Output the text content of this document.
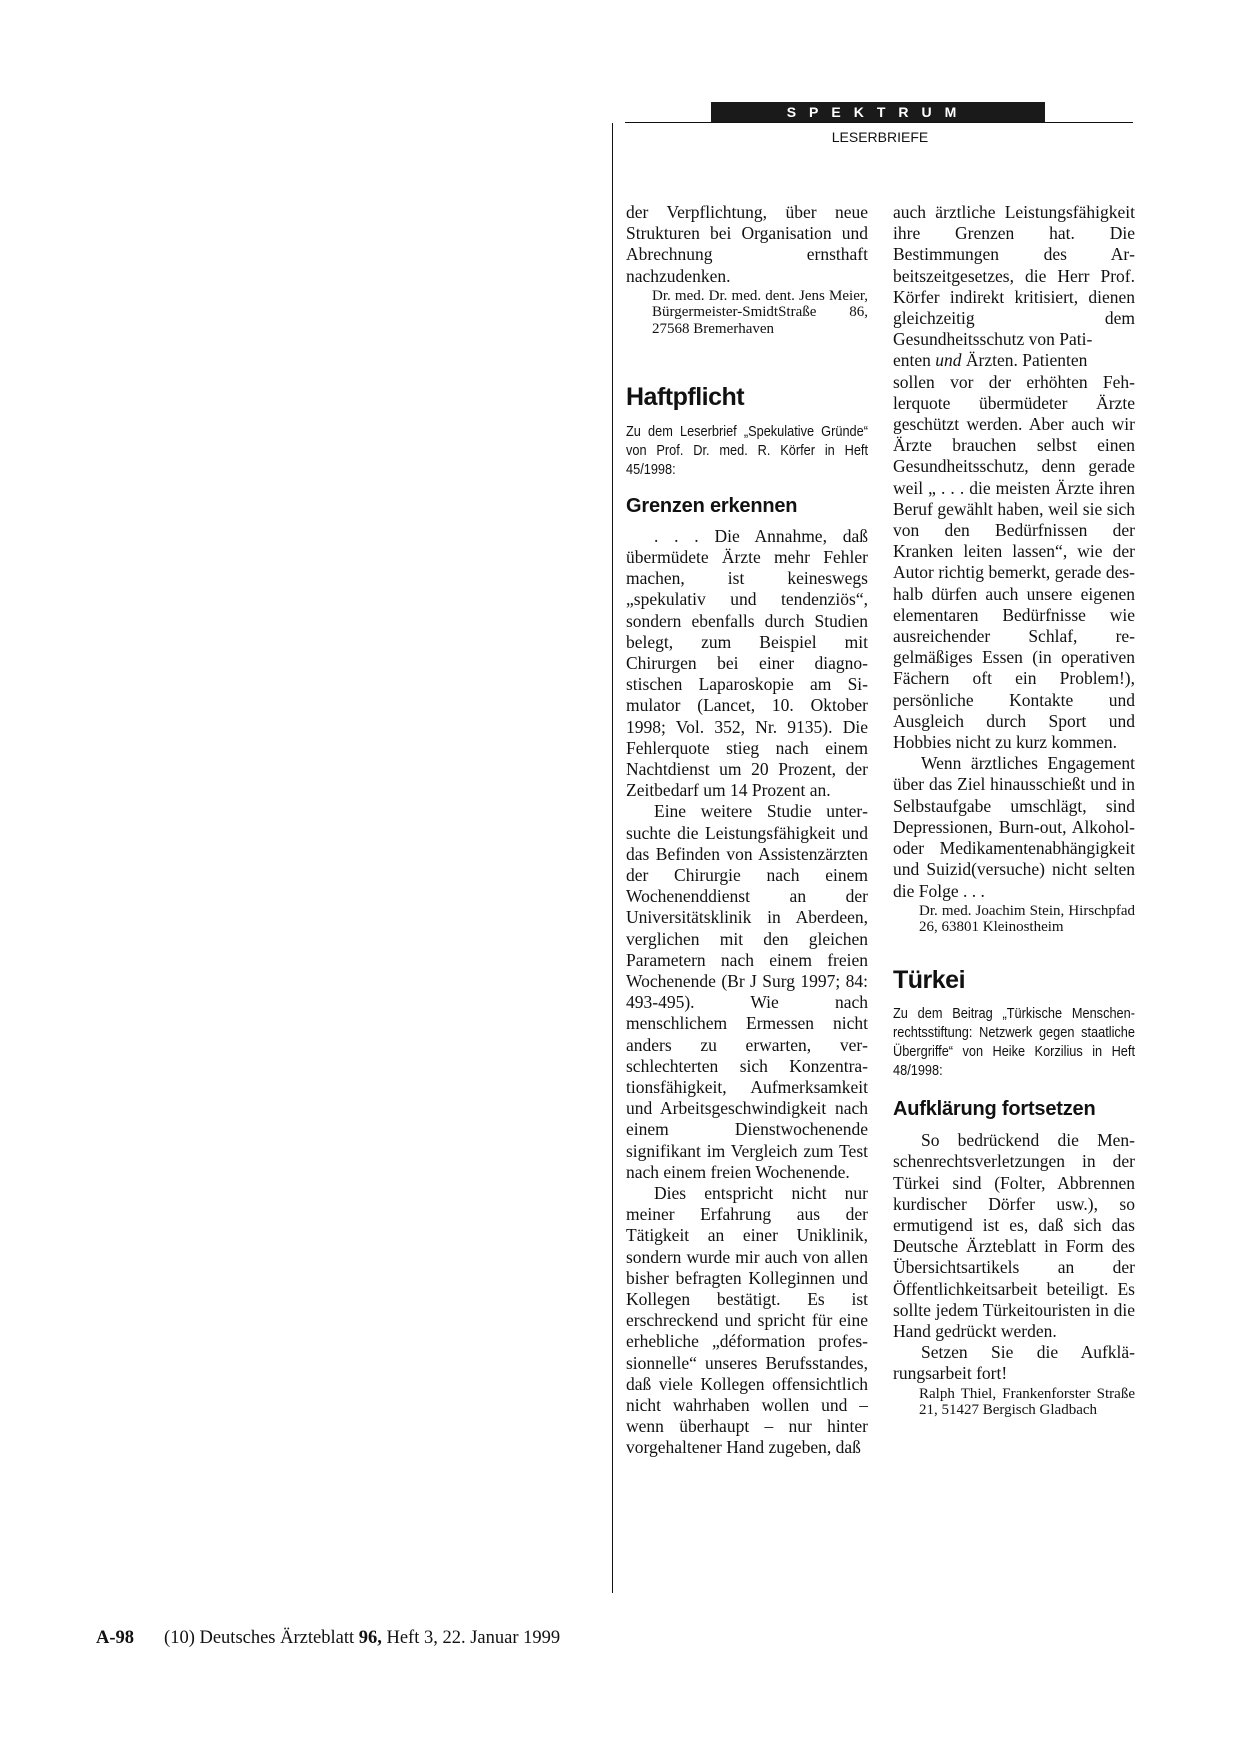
SPEKTRUM
LESERBRIEFE

der Verpflichtung, über neue Strukturen bei Organisation und Abrechnung ernsthaft nachzudenken.

Dr. med. Dr. med. dent. Jens Meier, Bürgermeister-SmidtStraße 86, 27568 Bremerhaven
Haftpflicht

Zu dem Leserbrief „Spekulative Gründe“ von Prof. Dr. med. R. Körfer in Heft 45/1998:

Grenzen erkennen

. . . Die Annahme, daß übermüdete Ärzte mehr Fehler machen, ist keineswegs „spekulativ und tendenziös“, sondern ebenfalls durch Studien belegt, zum Beispiel mit Chirurgen bei einer diagnostischen Laparoskopie am Simulator (Lancet, 10. Oktober 1998; Vol. 352, Nr. 9135). Die Fehlerquote stieg nach einem Nachtdienst um 20 Prozent, der Zeitbedarf um 14 Prozent an.

Eine weitere Studie untersuchte die Leistungsfähigkeit und das Befinden von Assistenzärzten der Chirurgie nach einem Wochenenddienst an der Universitätsklinik in Aberdeen, verglichen mit den gleichen Parametern nach einem freien Wochenende (Br J Surg 1997; 84: 493-495). Wie nach menschlichem Ermessen nicht anders zu erwarten, verschlechterten sich Konzentrationsfähigkeit, Aufmerksamkeit und Arbeitsgeschwindigkeit nach einem Dienstwochenende signifikant im Vergleich zum Test nach einem freien Wochenende.

Dies entspricht nicht nur meiner Erfahrung aus der Tätigkeit an einer Uniklinik, sondern wurde mir auch von allen bisher befragten Kolleginnen und Kollegen bestätigt. Es ist erschreckend und spricht für eine erhebliche „déformation professionnelle“ unseres Berufsstandes, daß viele Kollegen offensichtlich nicht wahrhaben wollen und – wenn überhaupt – nur hinter vorgehaltener Hand zugeben, daß

auch ärztliche Leistungsfähigkeit ihre Grenzen hat. Die Bestimmungen des Arbeitszeitgesetzes, die Herr Prof. Körfer indirekt kritisiert, dienen gleichzeitig dem Gesundheitsschutz von Pati-

enten und Ärzten. Patienten

sollen vor der erhöhten Fehlerquote übermüdeter Ärzte geschützt werden. Aber auch wir Ärzte brauchen selbst einen Gesundheitsschutz, denn gerade weil „ . . . die meisten Ärzte ihren Beruf gewählt haben, weil sie sich von den Bedürfnissen der Kranken leiten lassen“, wie der Autor richtig bemerkt, gerade deshalb dürfen auch unsere eigenen elementaren Bedürfnisse wie ausreichender Schlaf, regelmäßiges Essen (in operativen Fächern oft ein Problem!), persönliche Kontakte und Ausgleich durch Sport und Hobbies nicht zu kurz kommen.

Wenn ärztliches Engagement über das Ziel hinausschießt und in Selbstaufgabe umschlägt, sind Depressionen, Burn-out, Alkohol- oder Medikamentenabhängigkeit und Suizid(versuche) nicht selten die Folge . . .

Dr. med. Joachim Stein, Hirschpfad 26, 63801 Kleinostheim
Türkei

Zu dem Beitrag „Türkische Menschenrechtsstiftung: Netzwerk gegen staatliche Übergriffe“ von Heike Korzilius in Heft 48/1998:

Aufklärung fortsetzen

So bedrückend die Menschenrechtsverletzungen in der Türkei sind (Folter, Abbrennen kurdischer Dörfer usw.), so ermutigend ist es, daß sich das Deutsche Ärzteblatt in Form des Übersichtsartikels an der Öffentlichkeitsarbeit beteiligt. Es sollte jedem Türkeitouristen in die Hand gedrückt werden.

Setzen Sie die Aufklärungsarbeit fort!

Ralph Thiel, Frankenforster Straße 21, 51427 Bergisch Gladbach
A-98 (10) Deutsches Ärzteblatt 96, Heft 3, 22. Januar 1999
